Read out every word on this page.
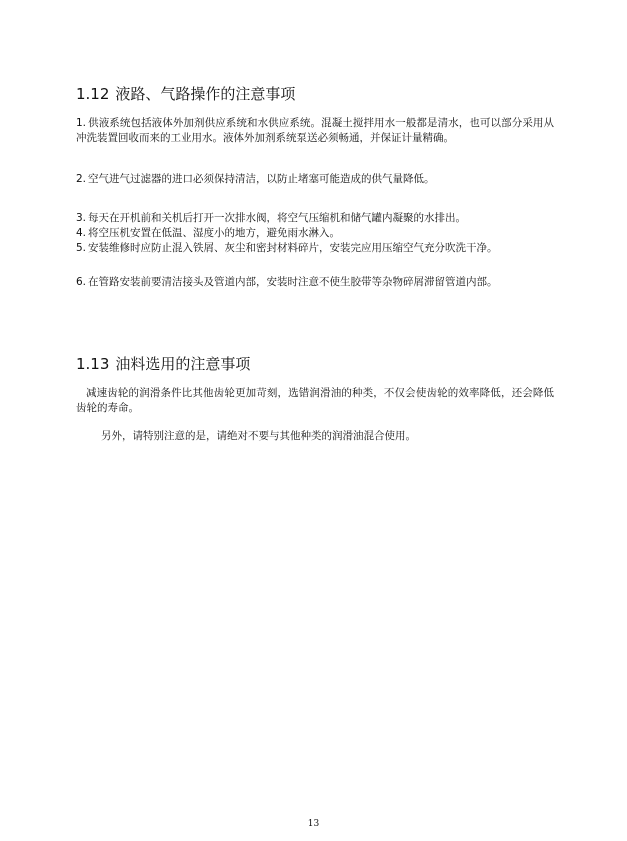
1.12 液路、气路操作的注意事项

1. 供液系统包括液体外加剂供应系统和水供应系统。混凝土搅拌用水一般都是清水，也可以部分采用从冲洗装置回收而来的工业用水。液体外加剂系统泵送必须畅通，并保证计量精确。

2. 空气进气过滤器的进口必须保持清洁，以防止堵塞可能造成的供气量降低。

3. 每天在开机前和关机后打开一次排水阀，将空气压缩机和储气罐内凝聚的水排出。

4. 将空压机安置在低温、湿度小的地方，避免雨水淋入。

5. 安装维修时应防止混入铁屑、灰尘和密封材料碎片，安装完应用压缩空气充分吹洗干净。

6. 在管路安装前要清洁接头及管道内部，安装时注意不使生胶带等杂物碎屑滞留管道内部。

1.13 油料选用的注意事项

减速齿轮的润滑条件比其他齿轮更加苛刻，选错润滑油的种类，不仅会使齿轮的效率降低，还会降低齿轮的寿命。

另外，请特别注意的是，请绝对不要与其他种类的润滑油混合使用。

13
